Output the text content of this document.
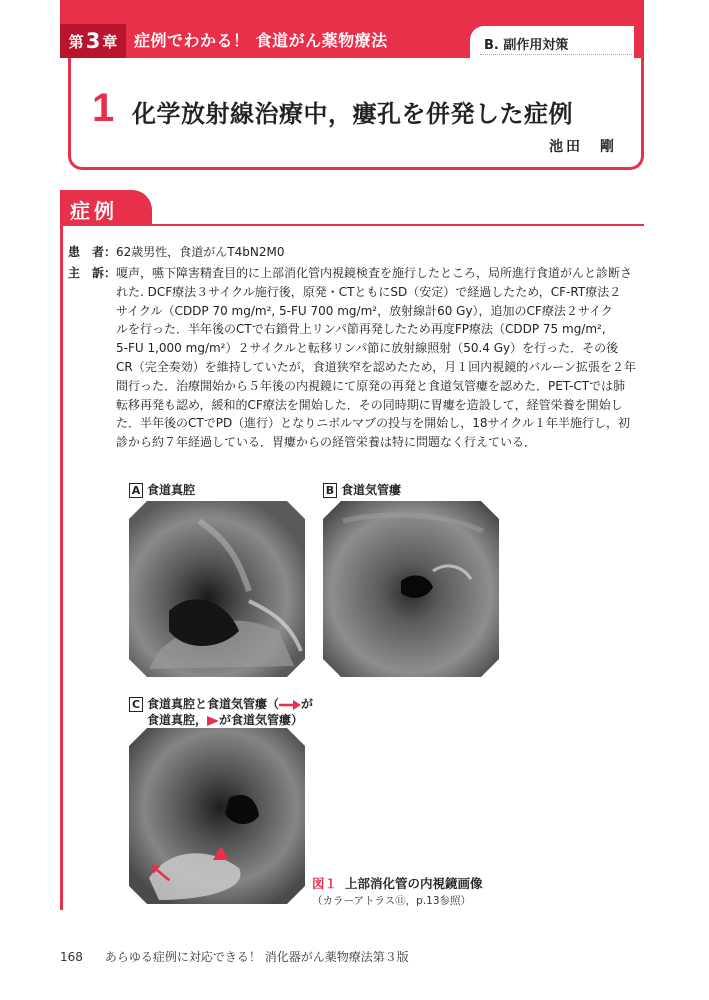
第 3 章 症例でわかる！ 食道がん薬物療法	B. 副作用対策
1 化学放射線治療中，瘻孔を併発した症例
池田　剛
症例
患　者： 62歳男性，食道がんT4bN2M0
主　訴： 嗄声，嚥下障害精査目的に上部消化管内視鏡検査を施行したところ，局所進行食道がんと診断さ
れた. DCF療法３サイクル施行後，原発・CTともにSD（安定）で経過したため，CF-RT療法２
サイクル（CDDP 70 mg/m², 5-FU 700 mg/m²，放射線計60 Gy），追加のCF療法２サイク
ルを行った．半年後のCTで右鎖骨上リンパ節再発したため再度FP療法（CDDP 75 mg/m²,
5-FU 1,000 mg/m²）２サイクルと転移リンパ節に放射線照射（50.4 Gy）を行った．その後
CR（完全奏効）を維持していたが，食道狭窄を認めたため，月１回内視鏡的バルーン拡張を２年
間行った．治療開始から５年後の内視鏡にて原発の再発と食道気管瘻を認めた．PET-CTでは肺
転移再発も認め，緩和的CF療法を開始した．その同時期に胃瘻を造設して，経管栄養を開始し
た．半年後のCTでPD（進行）となりニボルマブの投与を開始し，18サイクル１年半施行し，初
診から約７年経過している．胃瘻からの経管栄養は特に問題なく行えている．
A 食道真腔	B 食道気管瘻
C 食道真腔と食道気管瘻（ が
食道真腔， が食道気管瘻）
図１ 上部消化管の内視鏡画像
（カラーアトラス⑪，p.13参照）
168 あらゆる症例に対応できる！ 消化器がん薬物療法第３版
